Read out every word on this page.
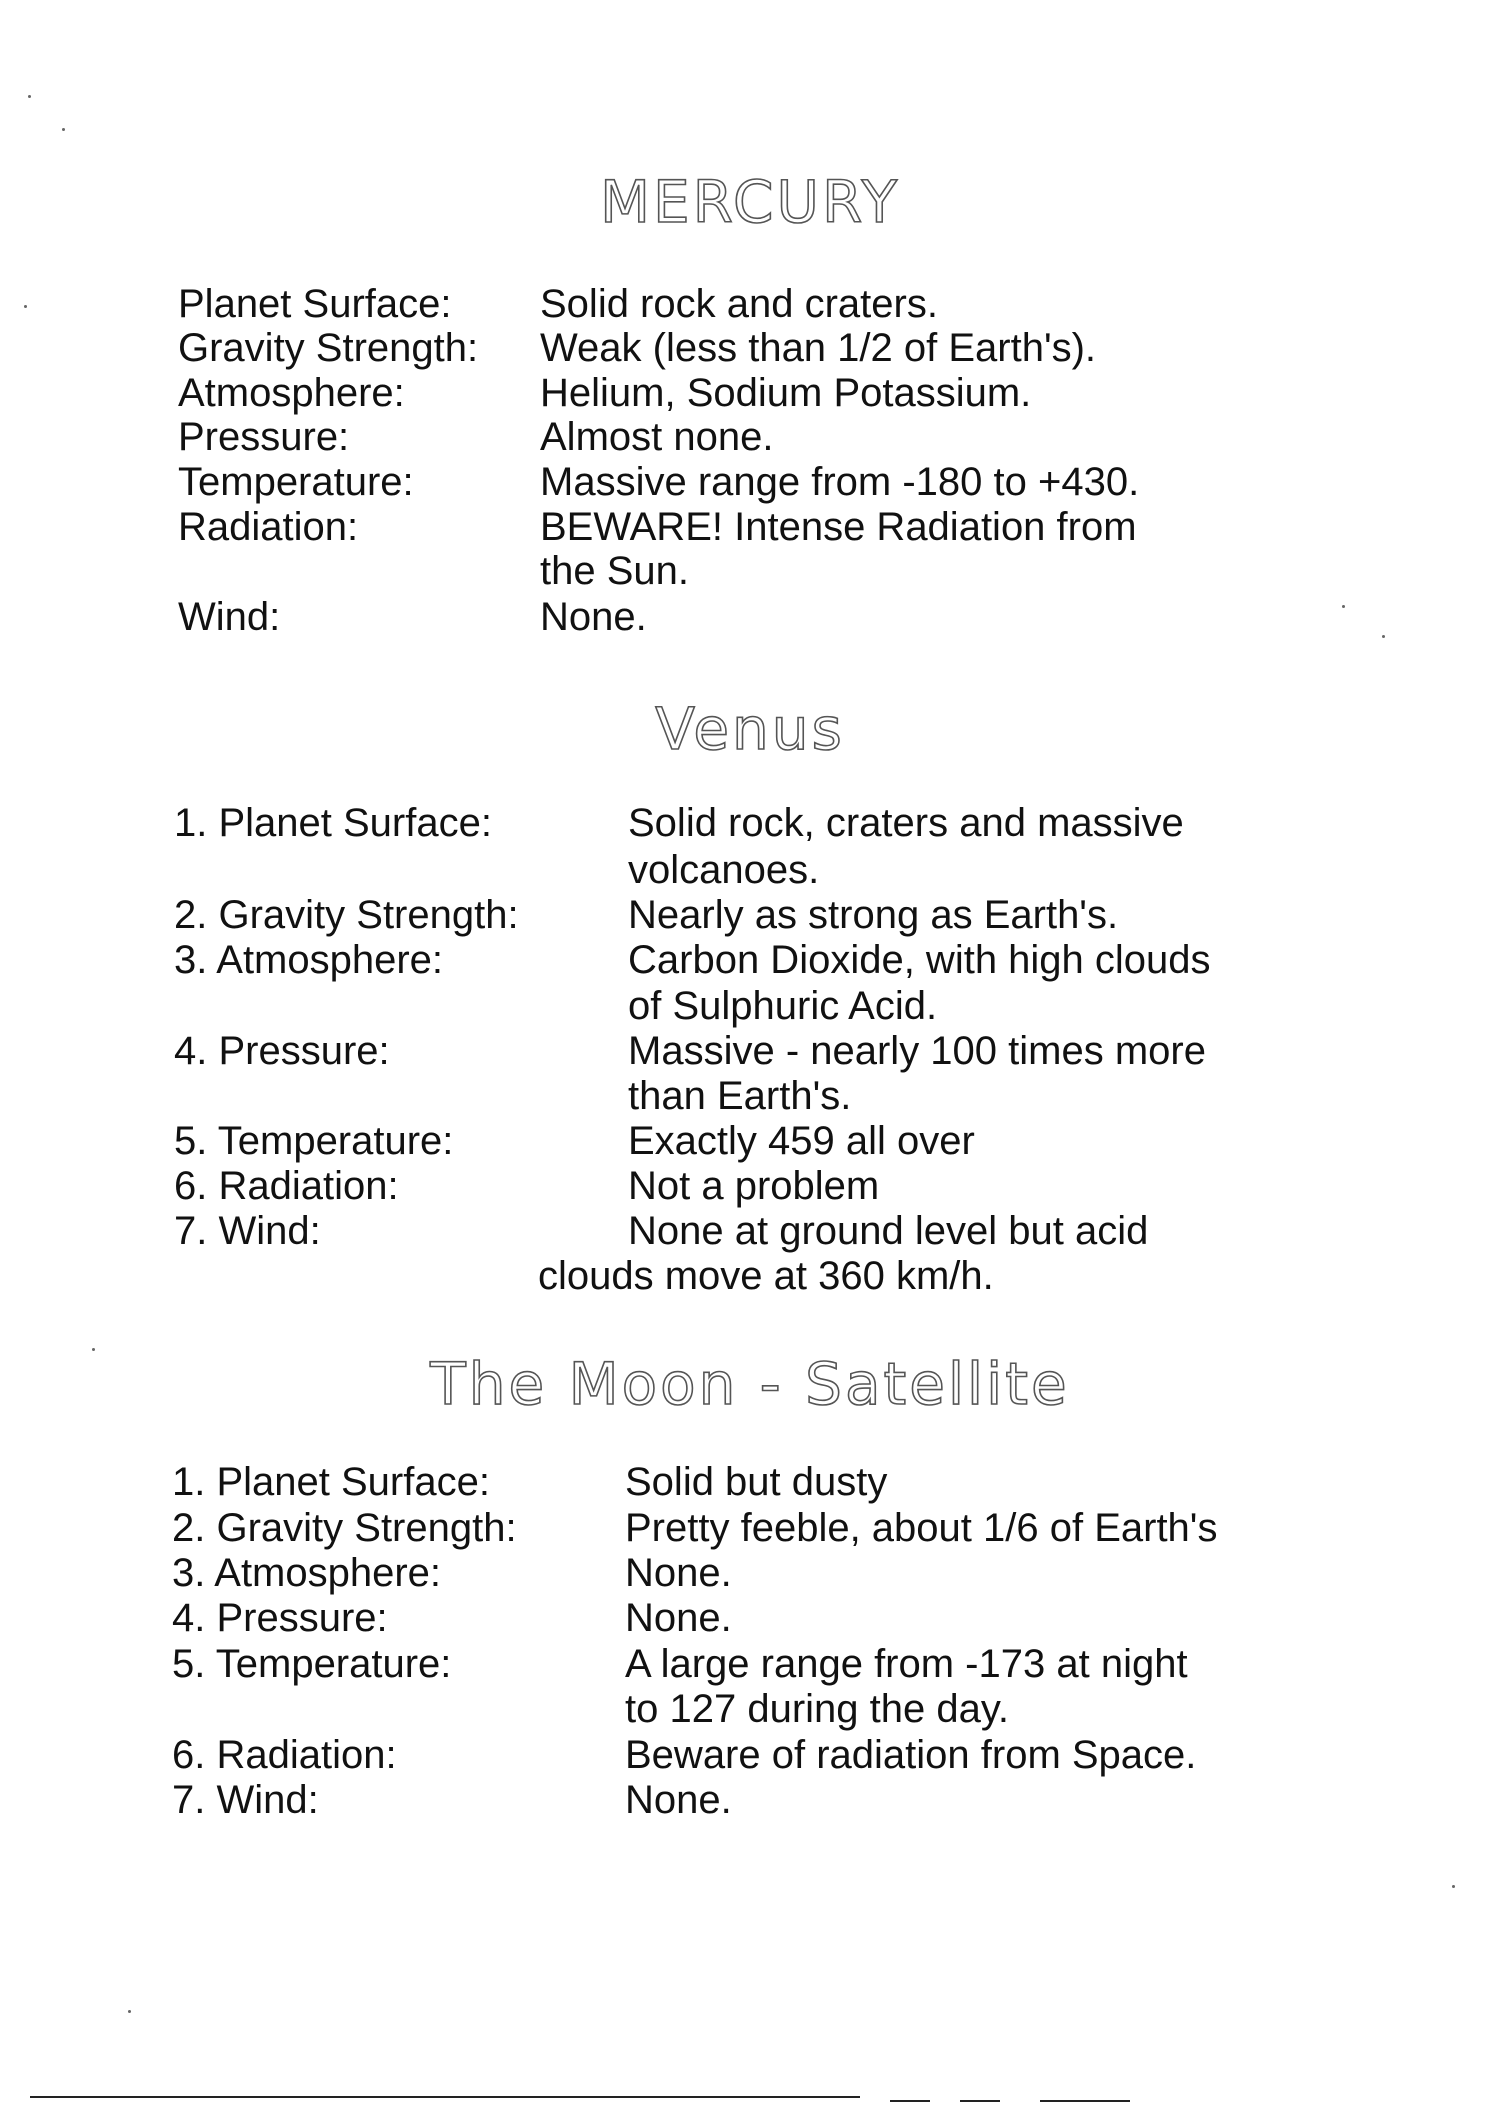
MERCURY
Planet Surface: Solid rock and craters.
Gravity Strength: Weak (less than 1/2 of Earth's).
Atmosphere:	Helium, Sodium Potassium.
Pressure:	Almost none.
Temperature:	Massive range from -180 to +430.
Radiation:	BEWARE! Intense Radiation from
the Sun.
Wind:	None.
Venus
1. Planet Surface:	Solid rock, craters and massive
volcanoes.
2. Gravity Strength:	Nearly as strong as Earth's.
3. Atmosphere:	Carbon Dioxide, with high clouds
of Sulphuric Acid.
4. Pressure:	Massive - nearly 100 times more
than Earth's.
5. Temperature:	Exactly 459 all over
6. Radiation:	Not a problem
7. Wind:	None at ground level but acid
clouds move at 360 km/h.
The Moon - Satellite
1. Planet Surface:	Solid but dusty
2. Gravity Strength:	Pretty feeble, about 1/6 of Earth's
3. Atmosphere:	None.
4. Pressure:	None.
5. Temperature:	A large range from -173 at night
to 127 during the day.
6. Radiation:	Beware of radiation from Space.
7. Wind:	None.
